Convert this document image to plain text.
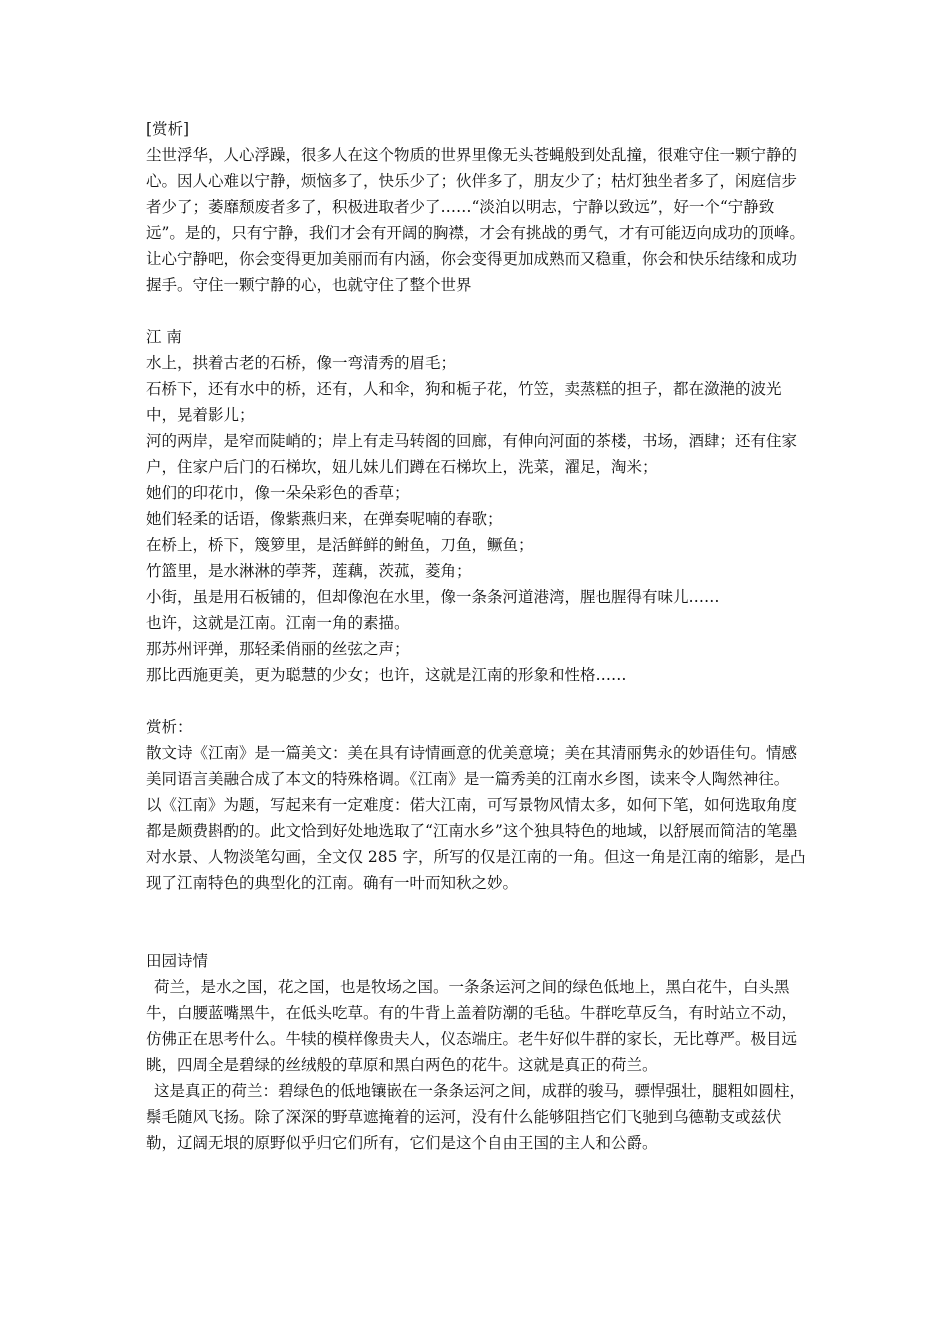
[赏析]

尘世浮华，人心浮躁，很多人在这个物质的世界里像无头苍蝇般到处乱撞，很难守住一颗宁静的心。因人心难以宁静，烦恼多了，快乐少了；伙伴多了，朋友少了；枯灯独坐者多了，闲庭信步者少了；萎靡颓废者多了，积极进取者少了……“淡泊以明志，宁静以致远”，好一个“宁静致远”。是的，只有宁静，我们才会有开阔的胸襟，才会有挑战的勇气，才有可能迈向成功的顶峰。让心宁静吧，你会变得更加美丽而有内涵，你会变得更加成熟而又稳重，你会和快乐结缘和成功握手。守住一颗宁静的心，也就守住了整个世界

江 南

水上，拱着古老的石桥，像一弯清秀的眉毛；

石桥下，还有水中的桥，还有，人和伞，狗和栀子花，竹笠，卖蒸糕的担子，都在潋滟的波光中，晃着影儿；

河的两岸，是窄而陡峭的；岸上有走马转阁的回廊，有伸向河面的茶楼，书场，酒肆；还有住家户，住家户后门的石梯坎，妞儿妹儿们蹲在石梯坎上，洗菜，濯足，淘米；

她们的印花巾，像一朵朵彩色的香草；

她们轻柔的话语，像紫燕归来，在弹奏呢喃的春歌；

在桥上，桥下，篾箩里，是活鲜鲜的鲋鱼，刀鱼，鳜鱼；

竹篮里，是水淋淋的荸荠，莲藕，茨菰，菱角；

小街，虽是用石板铺的，但却像泡在水里，像一条条河道港湾，腥也腥得有味儿……

也许，这就是江南。江南一角的素描。

那苏州评弹，那轻柔俏丽的丝弦之声；

那比西施更美，更为聪慧的少女；也许，这就是江南的形象和性格……

赏析：

散文诗《江南》是一篇美文：美在具有诗情画意的优美意境；美在其清丽隽永的妙语佳句。情感美同语言美融合成了本文的特殊格调。《江南》是一篇秀美的江南水乡图，读来令人陶然神往。

以《江南》为题，写起来有一定难度：偌大江南，可写景物风情太多，如何下笔，如何选取角度都是颇费斟酌的。此文恰到好处地选取了“江南水乡”这个独具特色的地域，以舒展而简洁的笔墨对水景、人物淡笔勾画，全文仅 285 字，所写的仅是江南的一角。但这一角是江南的缩影，是凸现了江南特色的典型化的江南。确有一叶而知秋之妙。

田园诗情

荷兰，是水之国，花之国，也是牧场之国。一条条运河之间的绿色低地上，黑白花牛，白头黑牛，白腰蓝嘴黑牛，在低头吃草。有的牛背上盖着防潮的毛毡。牛群吃草反刍，有时站立不动，仿佛正在思考什么。牛犊的模样像贵夫人，仪态端庄。老牛好似牛群的家长，无比尊严。极目远眺，四周全是碧绿的丝绒般的草原和黑白两色的花牛。这就是真正的荷兰。

这是真正的荷兰：碧绿色的低地镶嵌在一条条运河之间，成群的骏马，骠悍强壮，腿粗如圆柱，鬃毛随风飞扬。除了深深的野草遮掩着的运河，没有什么能够阻挡它们飞驰到乌德勒支或兹伏勒，辽阔无垠的原野似乎归它们所有，它们是这个自由王国的主人和公爵。
